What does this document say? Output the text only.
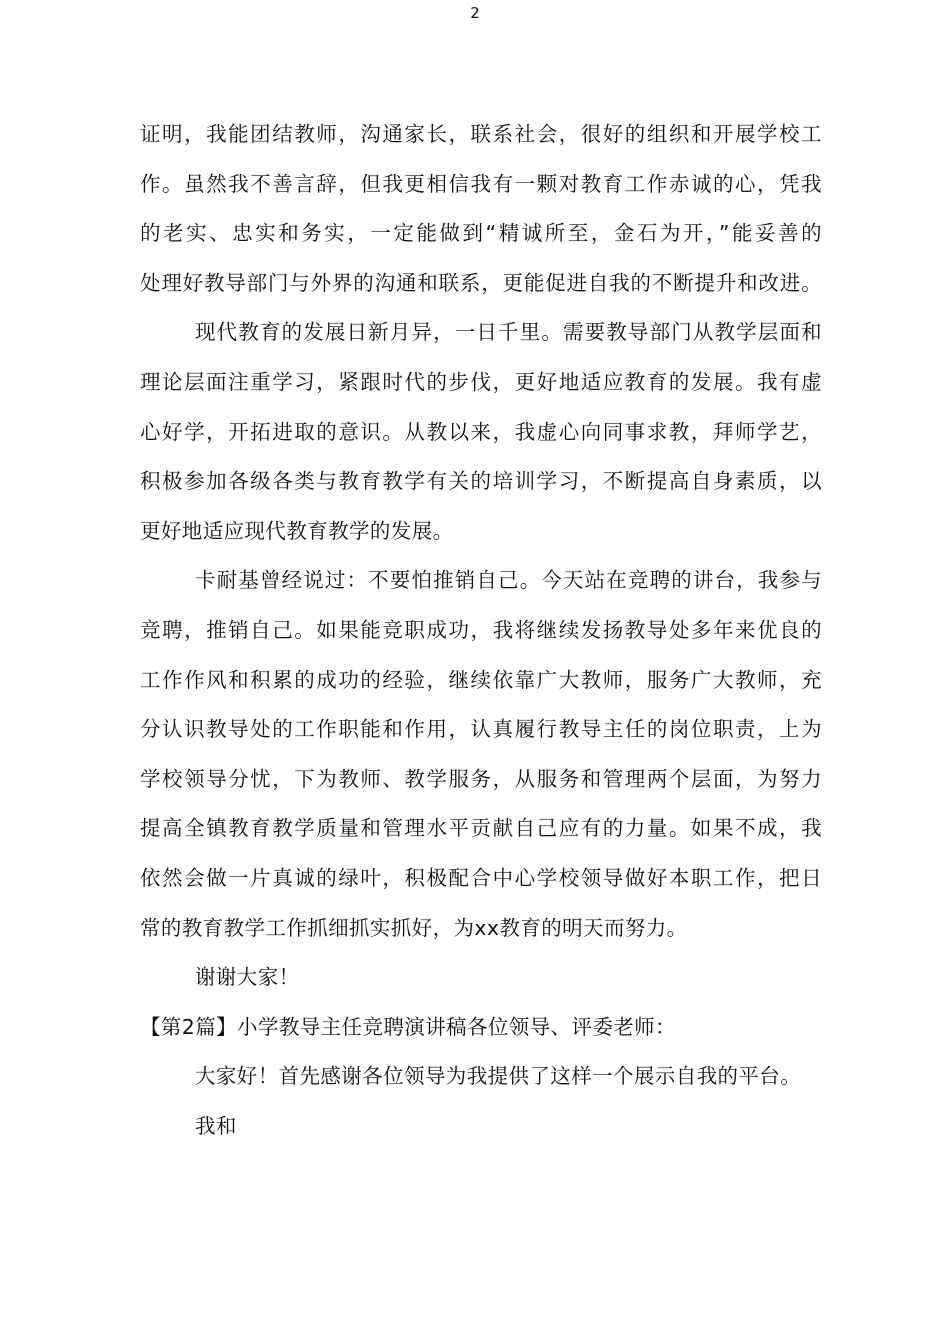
2
证明，我能团结教师，沟通家长，联系社会，很好的组织和开展学校工
作。虽然我不善言辞，但我更相信我有一颗对教育工作赤诚的心，凭我
的老实、忠实和务实，一定能做到“精诚所至，金石为开，”能妥善的
处理好教导部门与外界的沟通和联系，更能促进自我的不断提升和改进。
现代教育的发展日新月异，一日千里。需要教导部门从教学层面和
理论层面注重学习，紧跟时代的步伐，更好地适应教育的发展。我有虚
心好学，开拓进取的意识。从教以来，我虚心向同事求教，拜师学艺，
积极参加各级各类与教育教学有关的培训学习，不断提高自身素质，以
更好地适应现代教育教学的发展。
卡耐基曾经说过：不要怕推销自己。今天站在竞聘的讲台，我参与
竞聘，推销自己。如果能竞职成功，我将继续发扬教导处多年来优良的
工作作风和积累的成功的经验，继续依靠广大教师，服务广大教师，充
分认识教导处的工作职能和作用，认真履行教导主任的岗位职责，上为
学校领导分忧，下为教师、教学服务，从服务和管理两个层面，为努力
提高全镇教育教学质量和管理水平贡献自己应有的力量。如果不成，我
依然会做一片真诚的绿叶，积极配合中心学校领导做好本职工作，把日
常的教育教学工作抓细抓实抓好，为xx教育的明天而努力。
谢谢大家！
【第2篇】小学教导主任竞聘演讲稿各位领导、评委老师：
大家好！首先感谢各位领导为我提供了这样一个展示自我的平台。
我和
